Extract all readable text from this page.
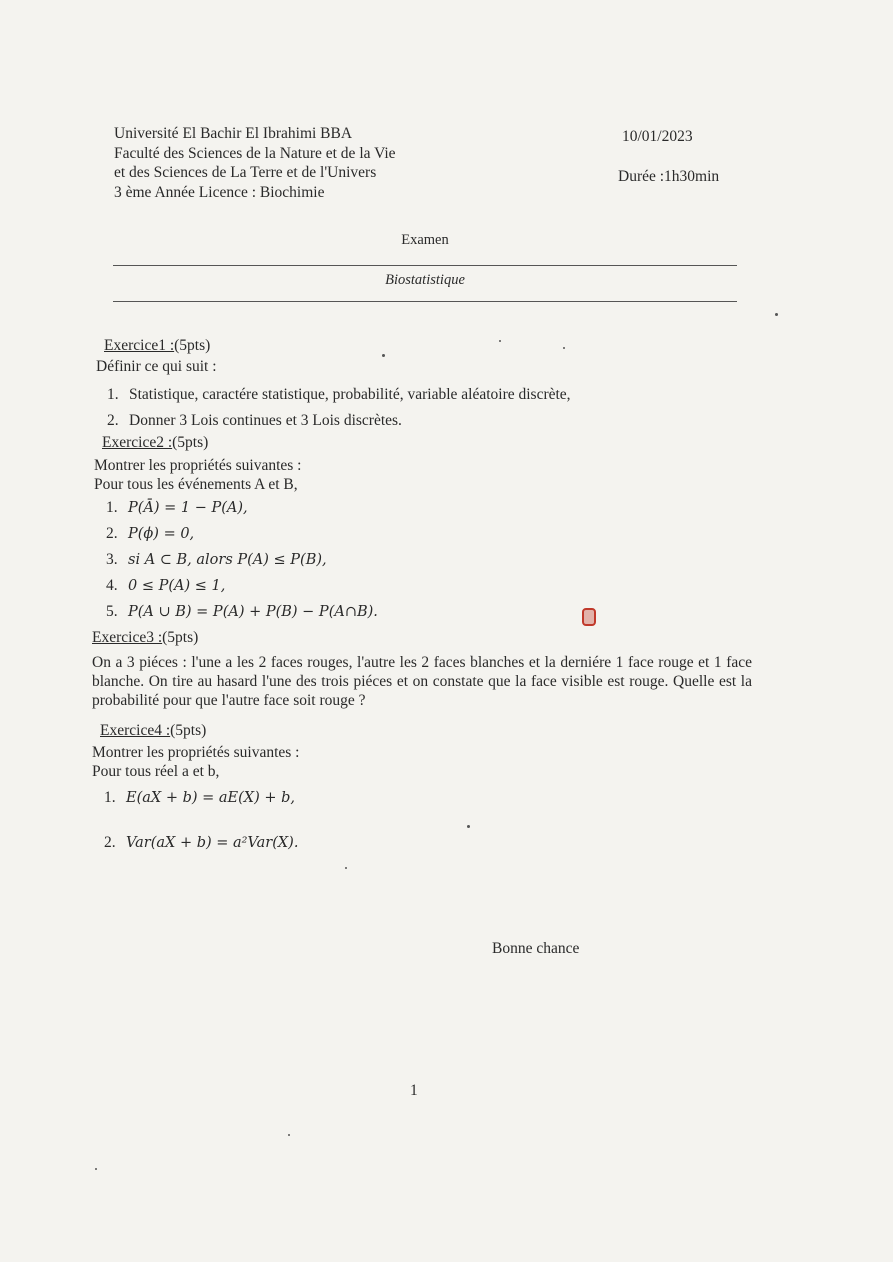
Université El Bachir El Ibrahimi BBA
Faculté des Sciences de la Nature et de la Vie
et des Sciences de La Terre et de l'Univers
3 ème Année Licence : Biochimie
10/01/2023
Durée :1h30min
Examen
Biostatistique
Exercice1 :(5pts)
Définir ce qui suit :
1. Statistique, caractére statistique, probabilité, variable aléatoire discrète,
2. Donner 3 Lois continues et 3 Lois discrètes.
Exercice2 :(5pts)
Montrer les propriétés suivantes :
Pour tous les événements A et B,
1. P(Ā) = 1 − P(A),
2. P(ϕ) = 0,
3. si A ⊂ B, alors P(A) ≤ P(B),
4. 0 ≤ P(A) ≤ 1,
5. P(A ∪ B) = P(A) + P(B) − P(A∩B).
Exercice3 :(5pts)
On a 3 piéces : l'une a les 2 faces rouges, l'autre les 2 faces blanches et la derniére 1 face rouge et 1 face blanche. On tire au hasard l'une des trois piéces et on constate que la face visible est rouge. Quelle est la probabilité pour que l'autre face soit rouge ?
Exercice4 :(5pts)
Montrer les propriétés suivantes :
Pour tous réel a et b,
1. E(aX + b) = aE(X) + b,
2. Var(aX + b) = a²Var(X).
Bonne chance
1
